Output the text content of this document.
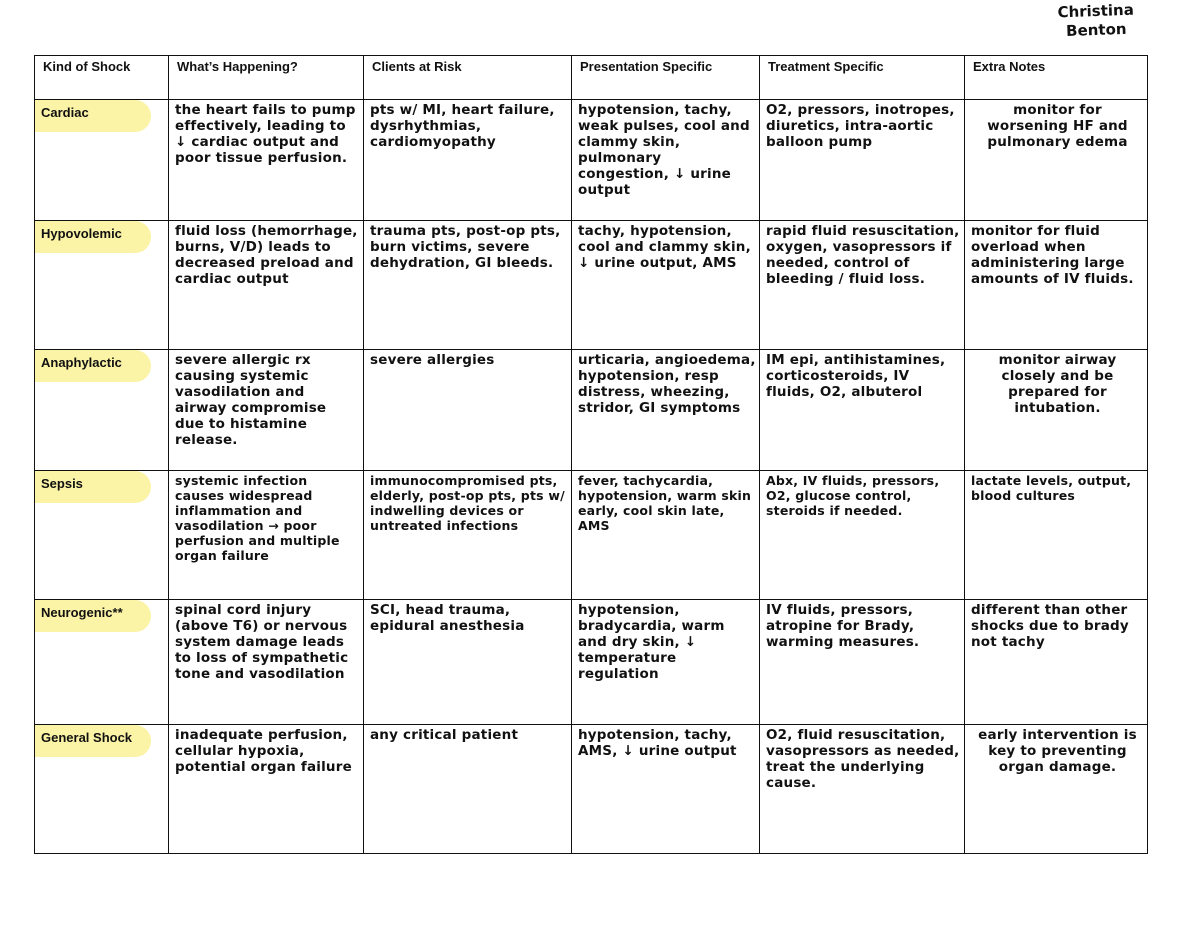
Christina
Benton
Kind of Shock	What’s Happening?	Clients at Risk	Presentation Specific	Treatment Specific	Extra Notes

Cardiac	the heart fails to pump effectively, leading to ↓ cardiac output and poor tissue perfusion.	pts w/ MI, heart failure, dysrhythmias, cardiomyopathy	hypotension, tachy, weak pulses, cool and clammy skin, pulmonary congestion, ↓ urine output	O2, pressors, inotropes, diuretics, intra-aortic balloon pump	monitor for worsening HF and pulmonary edema

Hypovolemic	fluid loss (hemorrhage, burns, V/D) leads to decreased preload and cardiac output	trauma pts, post-op pts, burn victims, severe dehydration, GI bleeds.	tachy, hypotension, cool and clammy skin, ↓ urine output, AMS	rapid fluid resuscitation, oxygen, vasopressors if needed, control of bleeding / fluid loss.	monitor for fluid overload when administering large amounts of IV fluids.

Anaphylactic	severe allergic rx causing systemic vasodilation and airway compromise due to histamine release.	severe allergies	urticaria, angioedema, hypotension, resp distress, wheezing, stridor, GI symptoms	IM epi, antihistamines, corticosteroids, IV fluids, O2, albuterol	monitor airway closely and be prepared for intubation.

Sepsis	systemic infection causes widespread inflammation and vasodilation → poor perfusion and multiple organ failure	immunocompromised pts, elderly, post-op pts, pts w/ indwelling devices or untreated infections	fever, tachycardia, hypotension, warm skin early, cool skin late, AMS	Abx, IV fluids, pressors, O2, glucose control, steroids if needed.	lactate levels, output, blood cultures

Neurogenic**	spinal cord injury (above T6) or nervous system damage leads to loss of sympathetic tone and vasodilation	SCI, head trauma, epidural anesthesia	hypotension, bradycardia, warm and dry skin, ↓ temperature regulation	IV fluids, pressors, atropine for Brady, warming measures.	different than other shocks due to brady not tachy

General Shock	inadequate perfusion, cellular hypoxia, potential organ failure	any critical patient	hypotension, tachy, AMS, ↓ urine output	O2, fluid resuscitation, vasopressors as needed, treat the underlying cause.	early intervention is key to preventing organ damage.
